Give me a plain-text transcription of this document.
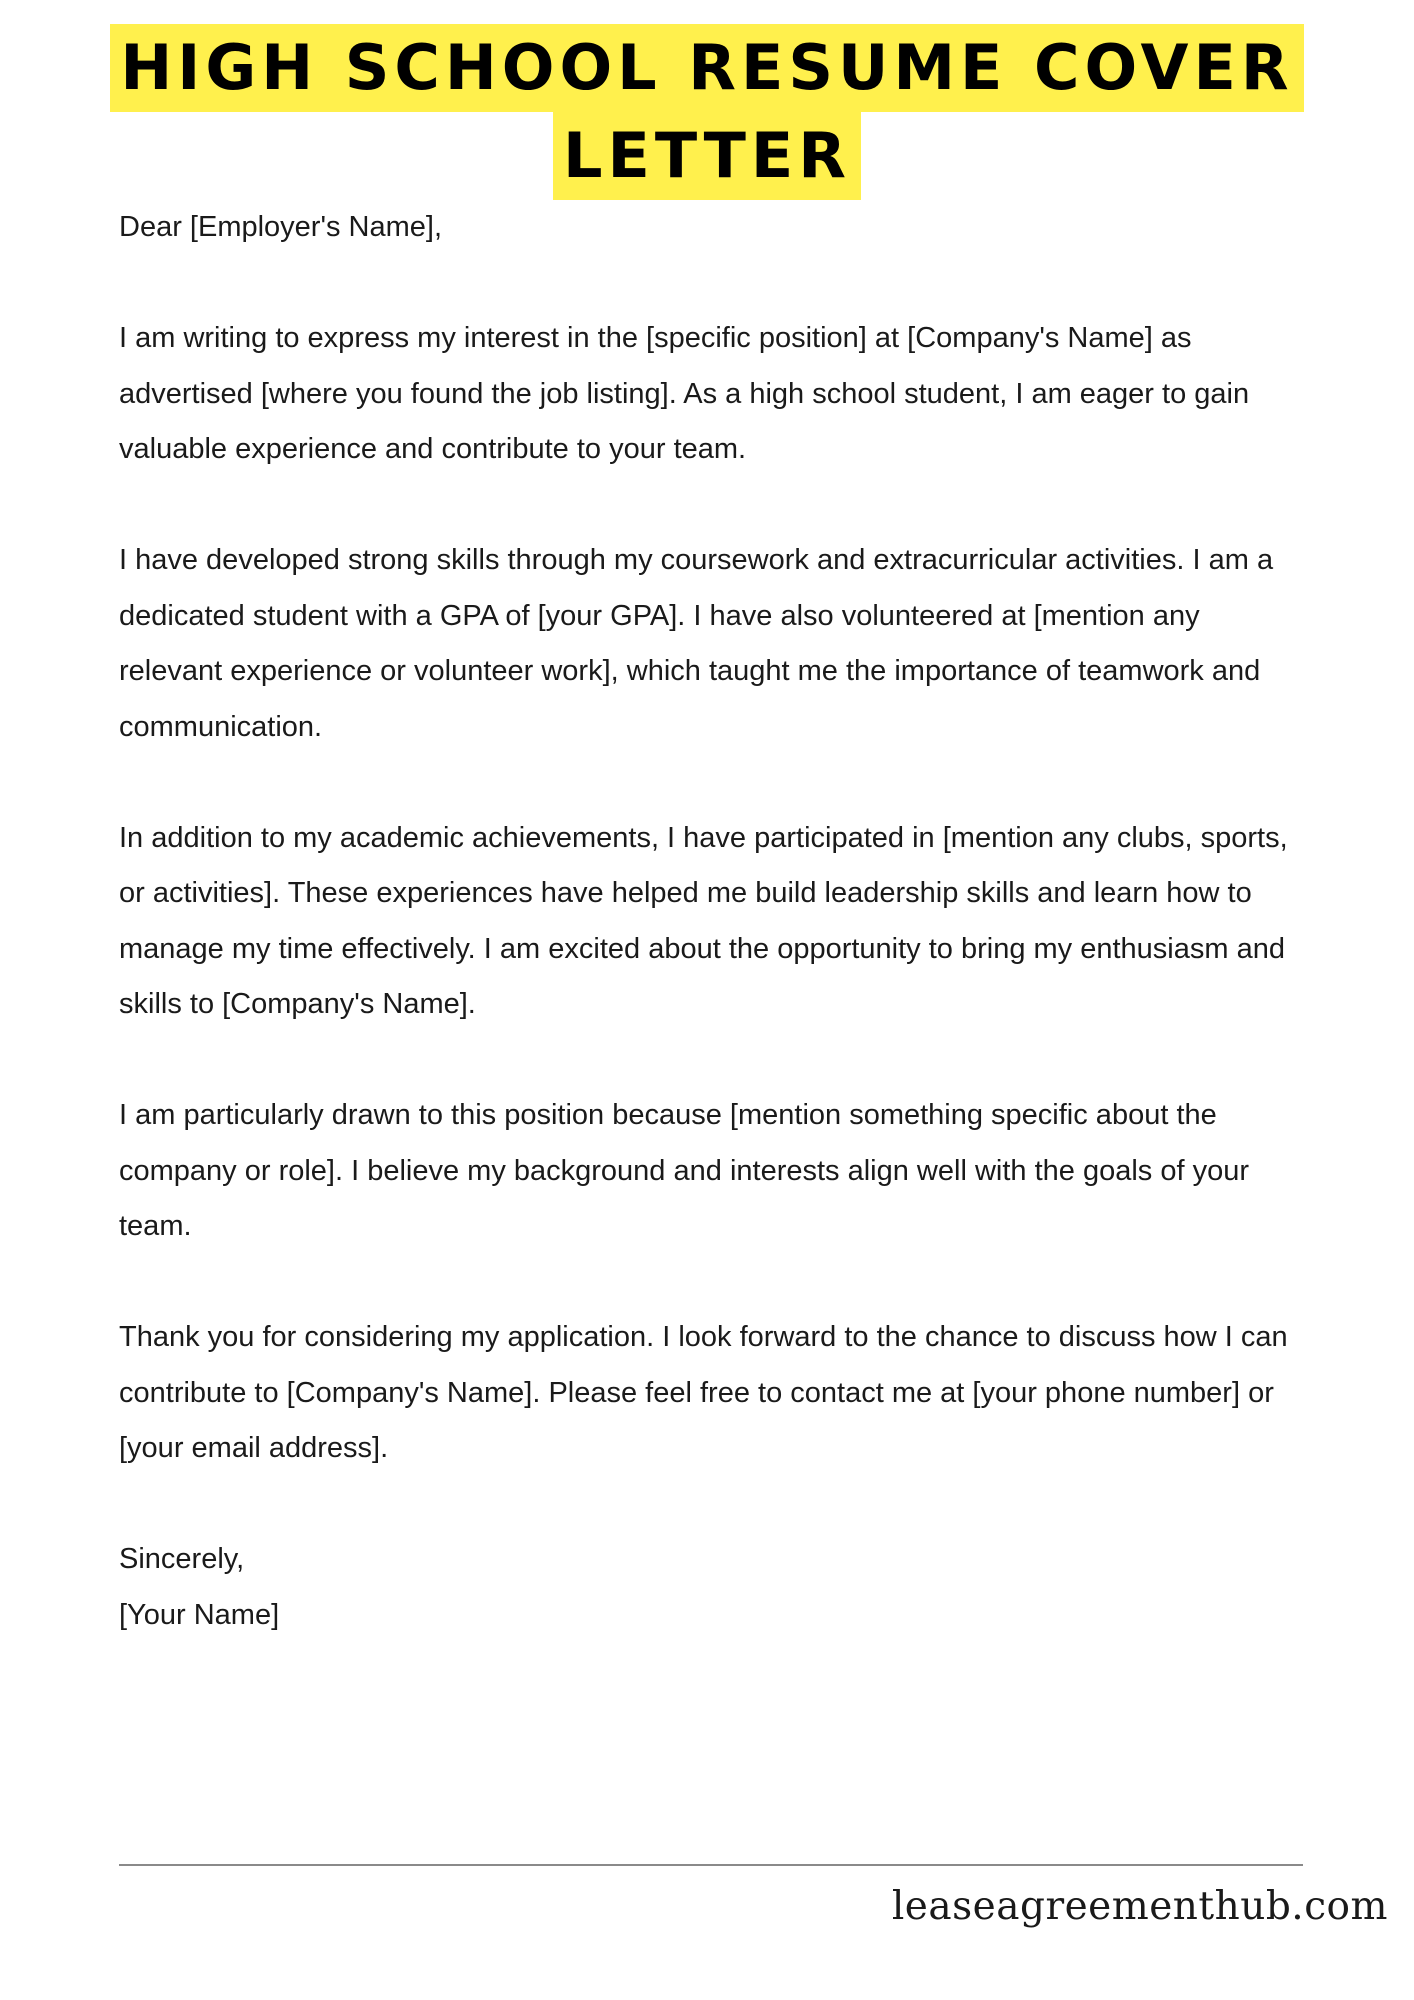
HIGH SCHOOL RESUME COVER
LETTER

Dear [Employer's Name],

I am writing to express my interest in the [specific position] at [Company's Name] as advertised [where you found the job listing]. As a high school student, I am eager to gain valuable experience and contribute to your team.

I have developed strong skills through my coursework and extracurricular activities. I am a dedicated student with a GPA of [your GPA]. I have also volunteered at [mention any relevant experience or volunteer work], which taught me the importance of teamwork and communication.

In addition to my academic achievements, I have participated in [mention any clubs, sports, or activities]. These experiences have helped me build leadership skills and learn how to manage my time effectively. I am excited about the opportunity to bring my enthusiasm and skills to [Company's Name].

I am particularly drawn to this position because [mention something specific about the company or role]. I believe my background and interests align well with the goals of your team.

Thank you for considering my application. I look forward to the chance to discuss how I can contribute to [Company's Name]. Please feel free to contact me at [your phone number] or [your email address].

Sincerely,

[Your Name]

leaseagreementhub.com
